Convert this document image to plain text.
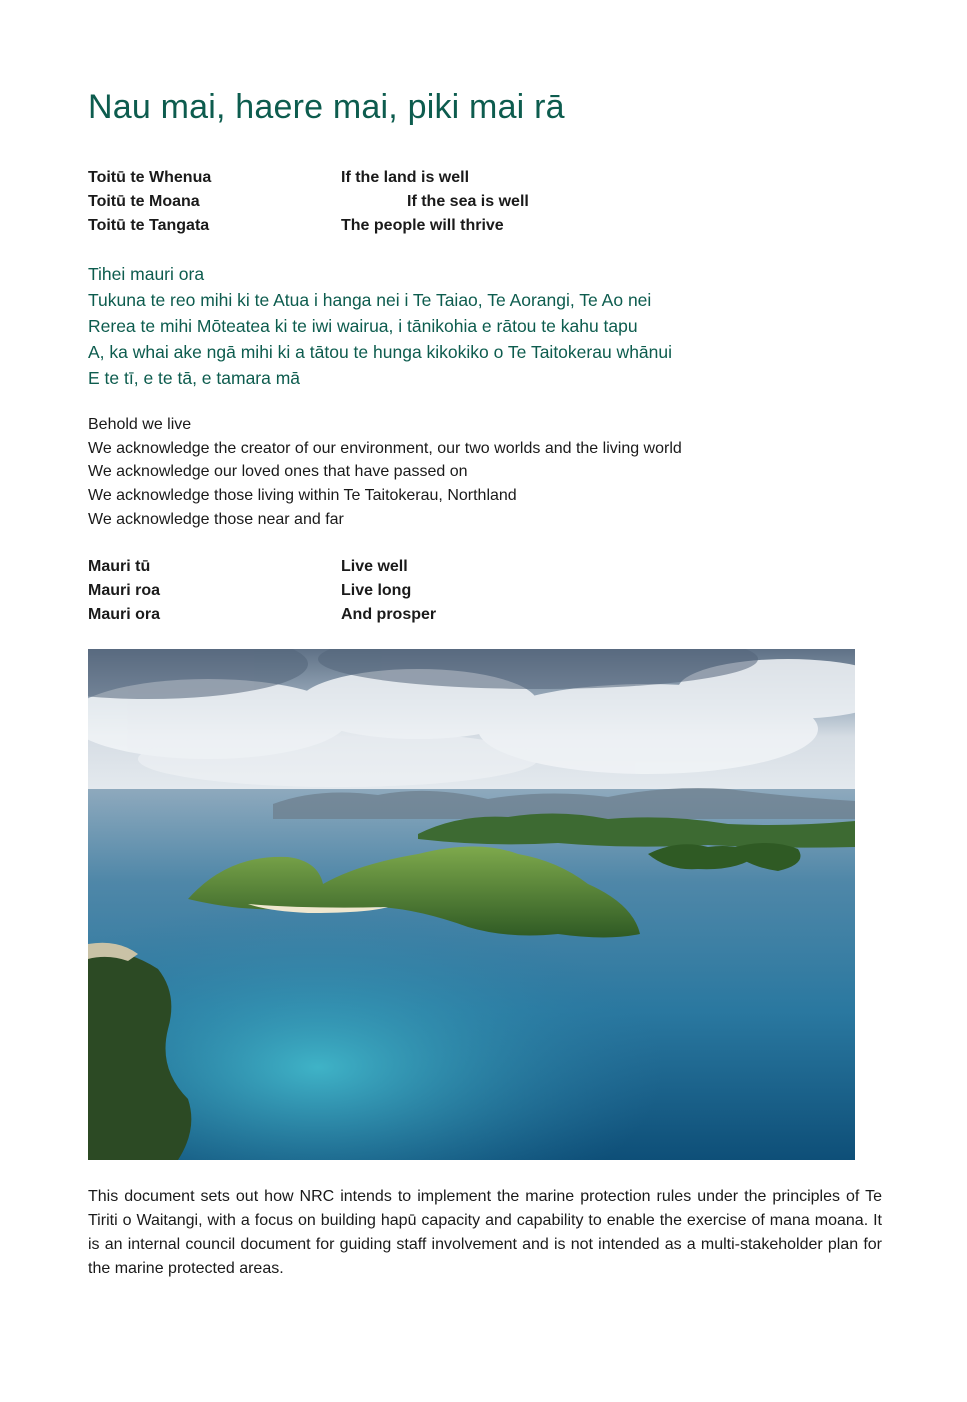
Nau mai, haere mai, piki mai rā
Toitū te Whenua	If the land is well
Toitū te Moana	If the sea is well
Toitū te Tangata	The people will thrive
Tihei mauri ora
Tukuna te reo mihi ki te Atua i hanga nei i Te Taiao, Te Aorangi, Te Ao nei
Rerea te mihi Mōteatea ki te iwi wairua, i tānikohia e rātou te kahu tapu
A, ka whai ake ngā mihi ki a tātou te hunga kikokiko o Te Taitokerau whānui
E te tī, e te tā, e tamara mā
Behold we live
We acknowledge the creator of our environment, our two worlds and the living world
We acknowledge our loved ones that have passed on
We acknowledge those living within Te Taitokerau, Northland
We acknowledge those near and far
Mauri tū	Live well
Mauri roa	Live long
Mauri ora	And prosper

This document sets out how NRC intends to implement the marine protection rules under the principles of Te Tiriti o Waitangi, with a focus on building hapū capacity and capability to enable the exercise of mana moana. It is an internal council document for guiding staff involvement and is not intended as a multi-stakeholder plan for the marine protected areas.
